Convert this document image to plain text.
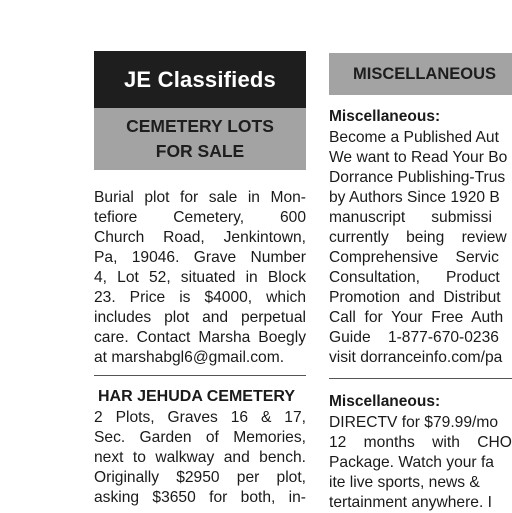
JE Classifieds
CEMETERY LOTS
FOR SALE
Burial plot for sale in Mon-
tefiore Cemetery, 600
Church Road, Jenkintown,
Pa, 19046. Grave Number
4, Lot 52, situated in Block
23. Price is $4000, which
includes plot and perpetual
care. Contact Marsha Boegly
at marshabgl6@gmail.com.
HAR JEHUDA CEMETERY
2 Plots, Graves 16 & 17,
Sec. Garden of Memories,
next to walkway and bench.
Originally $2950 per plot,
asking $3650 for both, in-
MISCELLANEOUS
Miscellaneous:
Become a Published Aut
We want to Read Your Bo
Dorrance Publishing-Trus
by Authors Since 1920 B
manuscript      submissi
currently    being    review
Comprehensive    Servic
Consultation,      Product
Promotion  and  Distribut
Call  for  Your  Free  Auth
Guide    1-877-670-0236
visit dorranceinfo.com/pa
Miscellaneous:
DIRECTV for $79.99/mo
12    months    with    CHO
Package. Watch your fa
ite live sports, news &
tertainment anywhere. I
